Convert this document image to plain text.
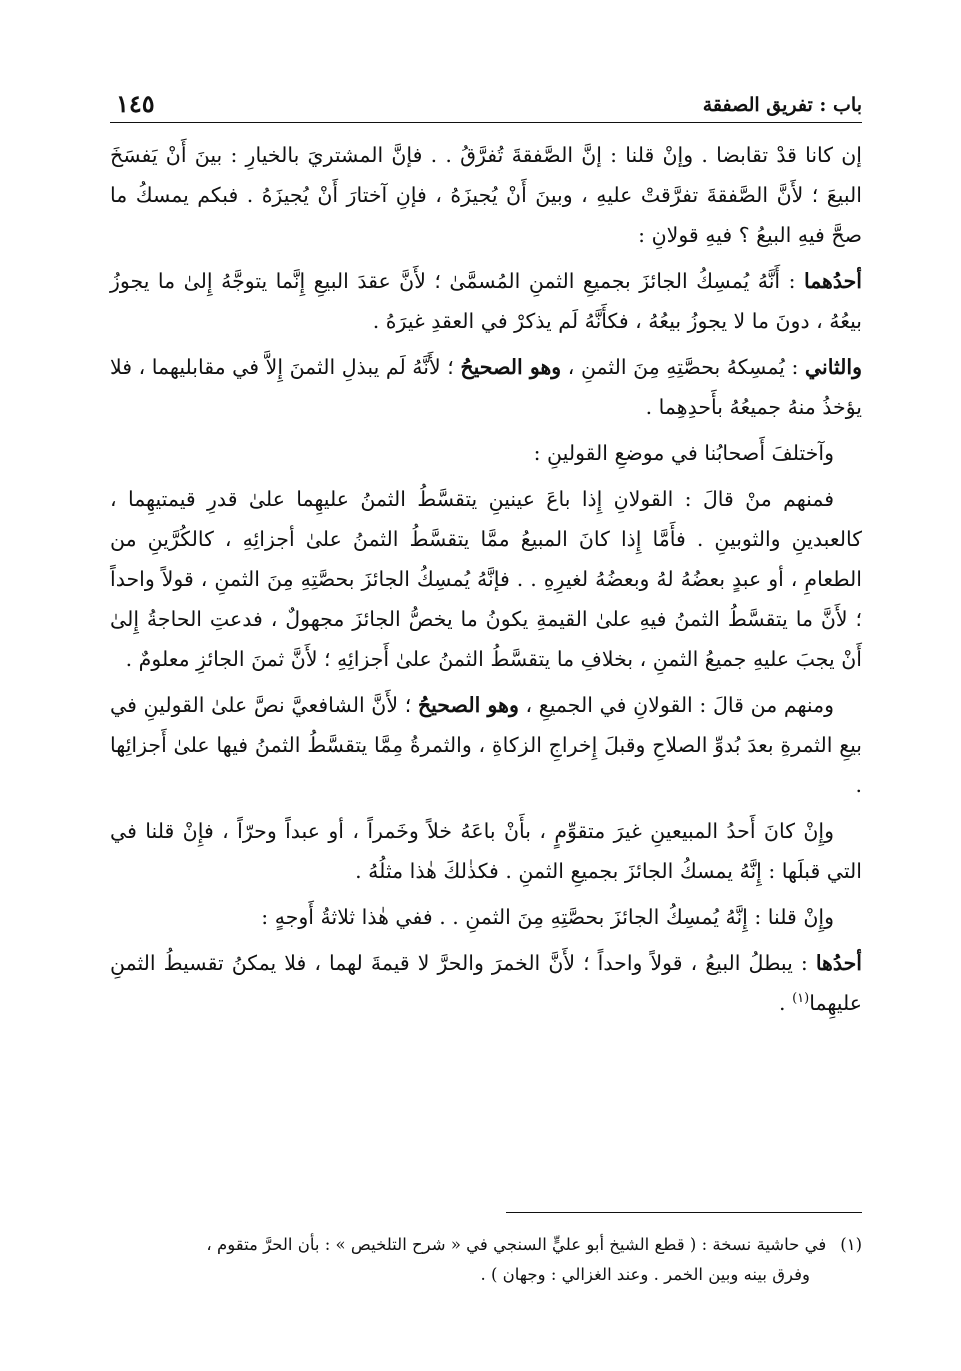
باب : تفريق الصفقة
١٤٥

إن كانا قدْ تقابضا . وإنْ قلنا : إنَّ الصَّفقةَ تُفرَّقُ . . فإنَّ المشتريَ بالخيارِ : بينَ أَنْ يَفسَخَ البيعَ ؛ لأَنَّ الصَّفقةَ تفرَّقتْ عليهِ ، وبينَ أَنْ يُجيزَهُ ، فإنِ آختارَ أَنْ يُجيزَهُ . فبكم يمسكُ ما صحَّ فيهِ البيعُ ؟ فيهِ قولانِ :

أحدُهما : أَنَّهُ يُمسِكُ الجائزَ بجميعِ الثمنِ المُسمَّىٰ ؛ لأَنَّ عقدَ البيعِ إِنَّما يتوجَّهُ إِلىٰ ما يجوزُ بيعُهُ ، دونَ ما لا يجوزُ بيعُهُ ، فكأَنَّهُ لَم يذكرْ في العقدِ غيرَهُ .

والثاني : يُمسِكهُ بحصَّتِهِ مِنَ الثمنِ ، وهو الصحيحُ ؛ لأَنَّهُ لَم يبذلِ الثمنَ إِلاَّ في مقابليهما ، فلا يؤخذُ منهُ جميعُهُ بأَحدِهِما .

وآختلفَ أَصحابُنا في موضعِ القولينِ :

فمنهم منْ قالَ : القولانِ إِذا باعَ عينينِ يتقسَّطُ الثمنُ عليهِما علىٰ قدرِ قيمتيهِما ، كالعبدينِ والثوبينِ . فأَمَّا إِذا كانَ المبيعُ ممَّا يتقسَّطُ الثمنُ علىٰ أجزائِهِ ، كالكُرَّينِ من الطعامِ ، أو عبدٍ بعضُهُ لهُ وبعضُهُ لغيرِهِ . . فإنَّهُ يُمسِكُ الجائزَ بحصَّتِهِ مِنَ الثمنِ ، قولاً واحداً ؛ لأَنَّ ما يتقسَّطُ الثمنُ فيهِ علىٰ القيمةِ يكونُ ما يخصُّ الجائزَ مجهولٌ ، فدعتِ الحاجةُ إِلىٰ أَنْ يجبَ عليهِ جميعُ الثمنِ ، بخلافِ ما يتقسَّطُ الثمنُ علىٰ أَجزائِهِ ؛ لأَنَّ ثمنَ الجائزِ معلومٌ .

ومنهم من قالَ : القولانِ في الجميعِ ، وهو الصحيحُ ؛ لأَنَّ الشافعيَّ نصَّ علىٰ القولينِ في بيعِ الثمرةِ بعدَ بُدوِّ الصلاحِ وقبلَ إِخراجِ الزكاةِ ، والثمرةُ مِمَّا يتقسَّطُ الثمنُ فيها علىٰ أَجزائِها .

وإِنْ كانَ أَحدُ المبيعينِ غيرَ متقوِّمٍ ، بأَنْ باعَهُ خلاً وخَمراً ، أو عبداً وحرّاً ، فإِنْ قلنا في التي قبلَها : إِنَّهُ يمسكُ الجائزَ بجميعِ الثمنِ . فكذٰلكَ هٰذا مثلُهُ .

وإِنْ قلنا : إِنَّهُ يُمسِكُ الجائزَ بحصَّتِهِ مِنَ الثمنِ . . ففي هٰذا ثلاثةُ أَوجهٍ :

أحدُها : يبطلُ البيعُ ، قولاً واحداً ؛ لأَنَّ الخمرَ والحرَّ لا قيمةَ لهما ، فلا يمكنُ تقسيطُ الثمنِ عليهِما$^{(١)}$ .

(١)في حاشية نسخة : ( قطع الشيخ أبو عليٍّ السنجي في « شرح التلخيص » : بأن الحرَّ متقوم ،
وفرق بينه وبين الخمر . وعند الغزالي : وجهان ) .
